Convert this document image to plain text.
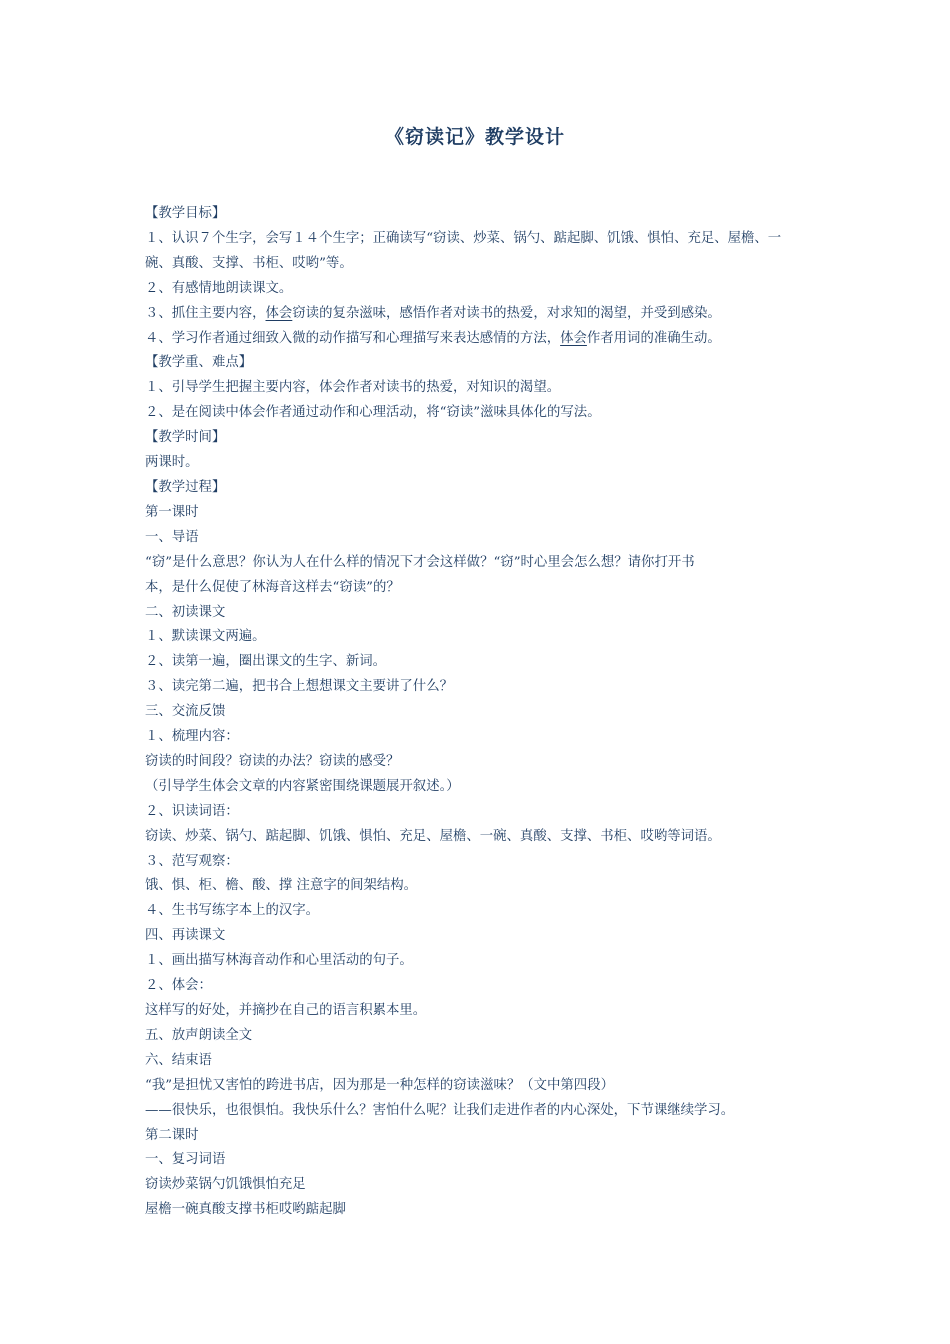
《窃读记》教学设计
【教学目标】
１、认识７个生字，会写１４个生字；正确读写“窃读、炒菜、锅勺、踮起脚、饥饿、惧怕、充足、屋檐、一
碗、真酸、支撑、书柜、哎哟”等。
２、有感情地朗读课文。
３、抓住主要内容，体会窃读的复杂滋味，感悟作者对读书的热爱，对求知的渴望，并受到感染。
４、学习作者通过细致入微的动作描写和心理描写来表达感情的方法，体会作者用词的准确生动。
【教学重、难点】
１、引导学生把握主要内容，体会作者对读书的热爱，对知识的渴望。
２、是在阅读中体会作者通过动作和心理活动，将“窃读”滋味具体化的写法。
【教学时间】
两课时。
【教学过程】
第一课时
一、导语
“窃”是什么意思？你认为人在什么样的情况下才会这样做？“窃”时心里会怎么想？请你打开书
本，是什么促使了林海音这样去“窃读”的？
二、初读课文
１、默读课文两遍。
２、读第一遍，圈出课文的生字、新词。
３、读完第二遍，把书合上想想课文主要讲了什么？
三、交流反馈
１、梳理内容：
窃读的时间段？窃读的办法？窃读的感受？
（引导学生体会文章的内容紧密围绕课题展开叙述。）
２、识读词语：
窃读、炒菜、锅勺、踮起脚、饥饿、惧怕、充足、屋檐、一碗、真酸、支撑、书柜、哎哟等词语。
３、范写观察：
饿、惧、柜、檐、酸、撑 注意字的间架结构。
４、生书写练字本上的汉字。
四、再读课文
１、画出描写林海音动作和心里活动的句子。
２、体会：
这样写的好处，并摘抄在自己的语言积累本里。
五、放声朗读全文
六、结束语
“我”是担忧又害怕的跨进书店，因为那是一种怎样的窃读滋味？（文中第四段）
——很快乐，也很惧怕。我快乐什么？害怕什么呢？让我们走进作者的内心深处，下节课继续学习。
第二课时
一、复习词语
窃读炒菜锅勺饥饿惧怕充足
屋檐一碗真酸支撑书柜哎哟踮起脚
